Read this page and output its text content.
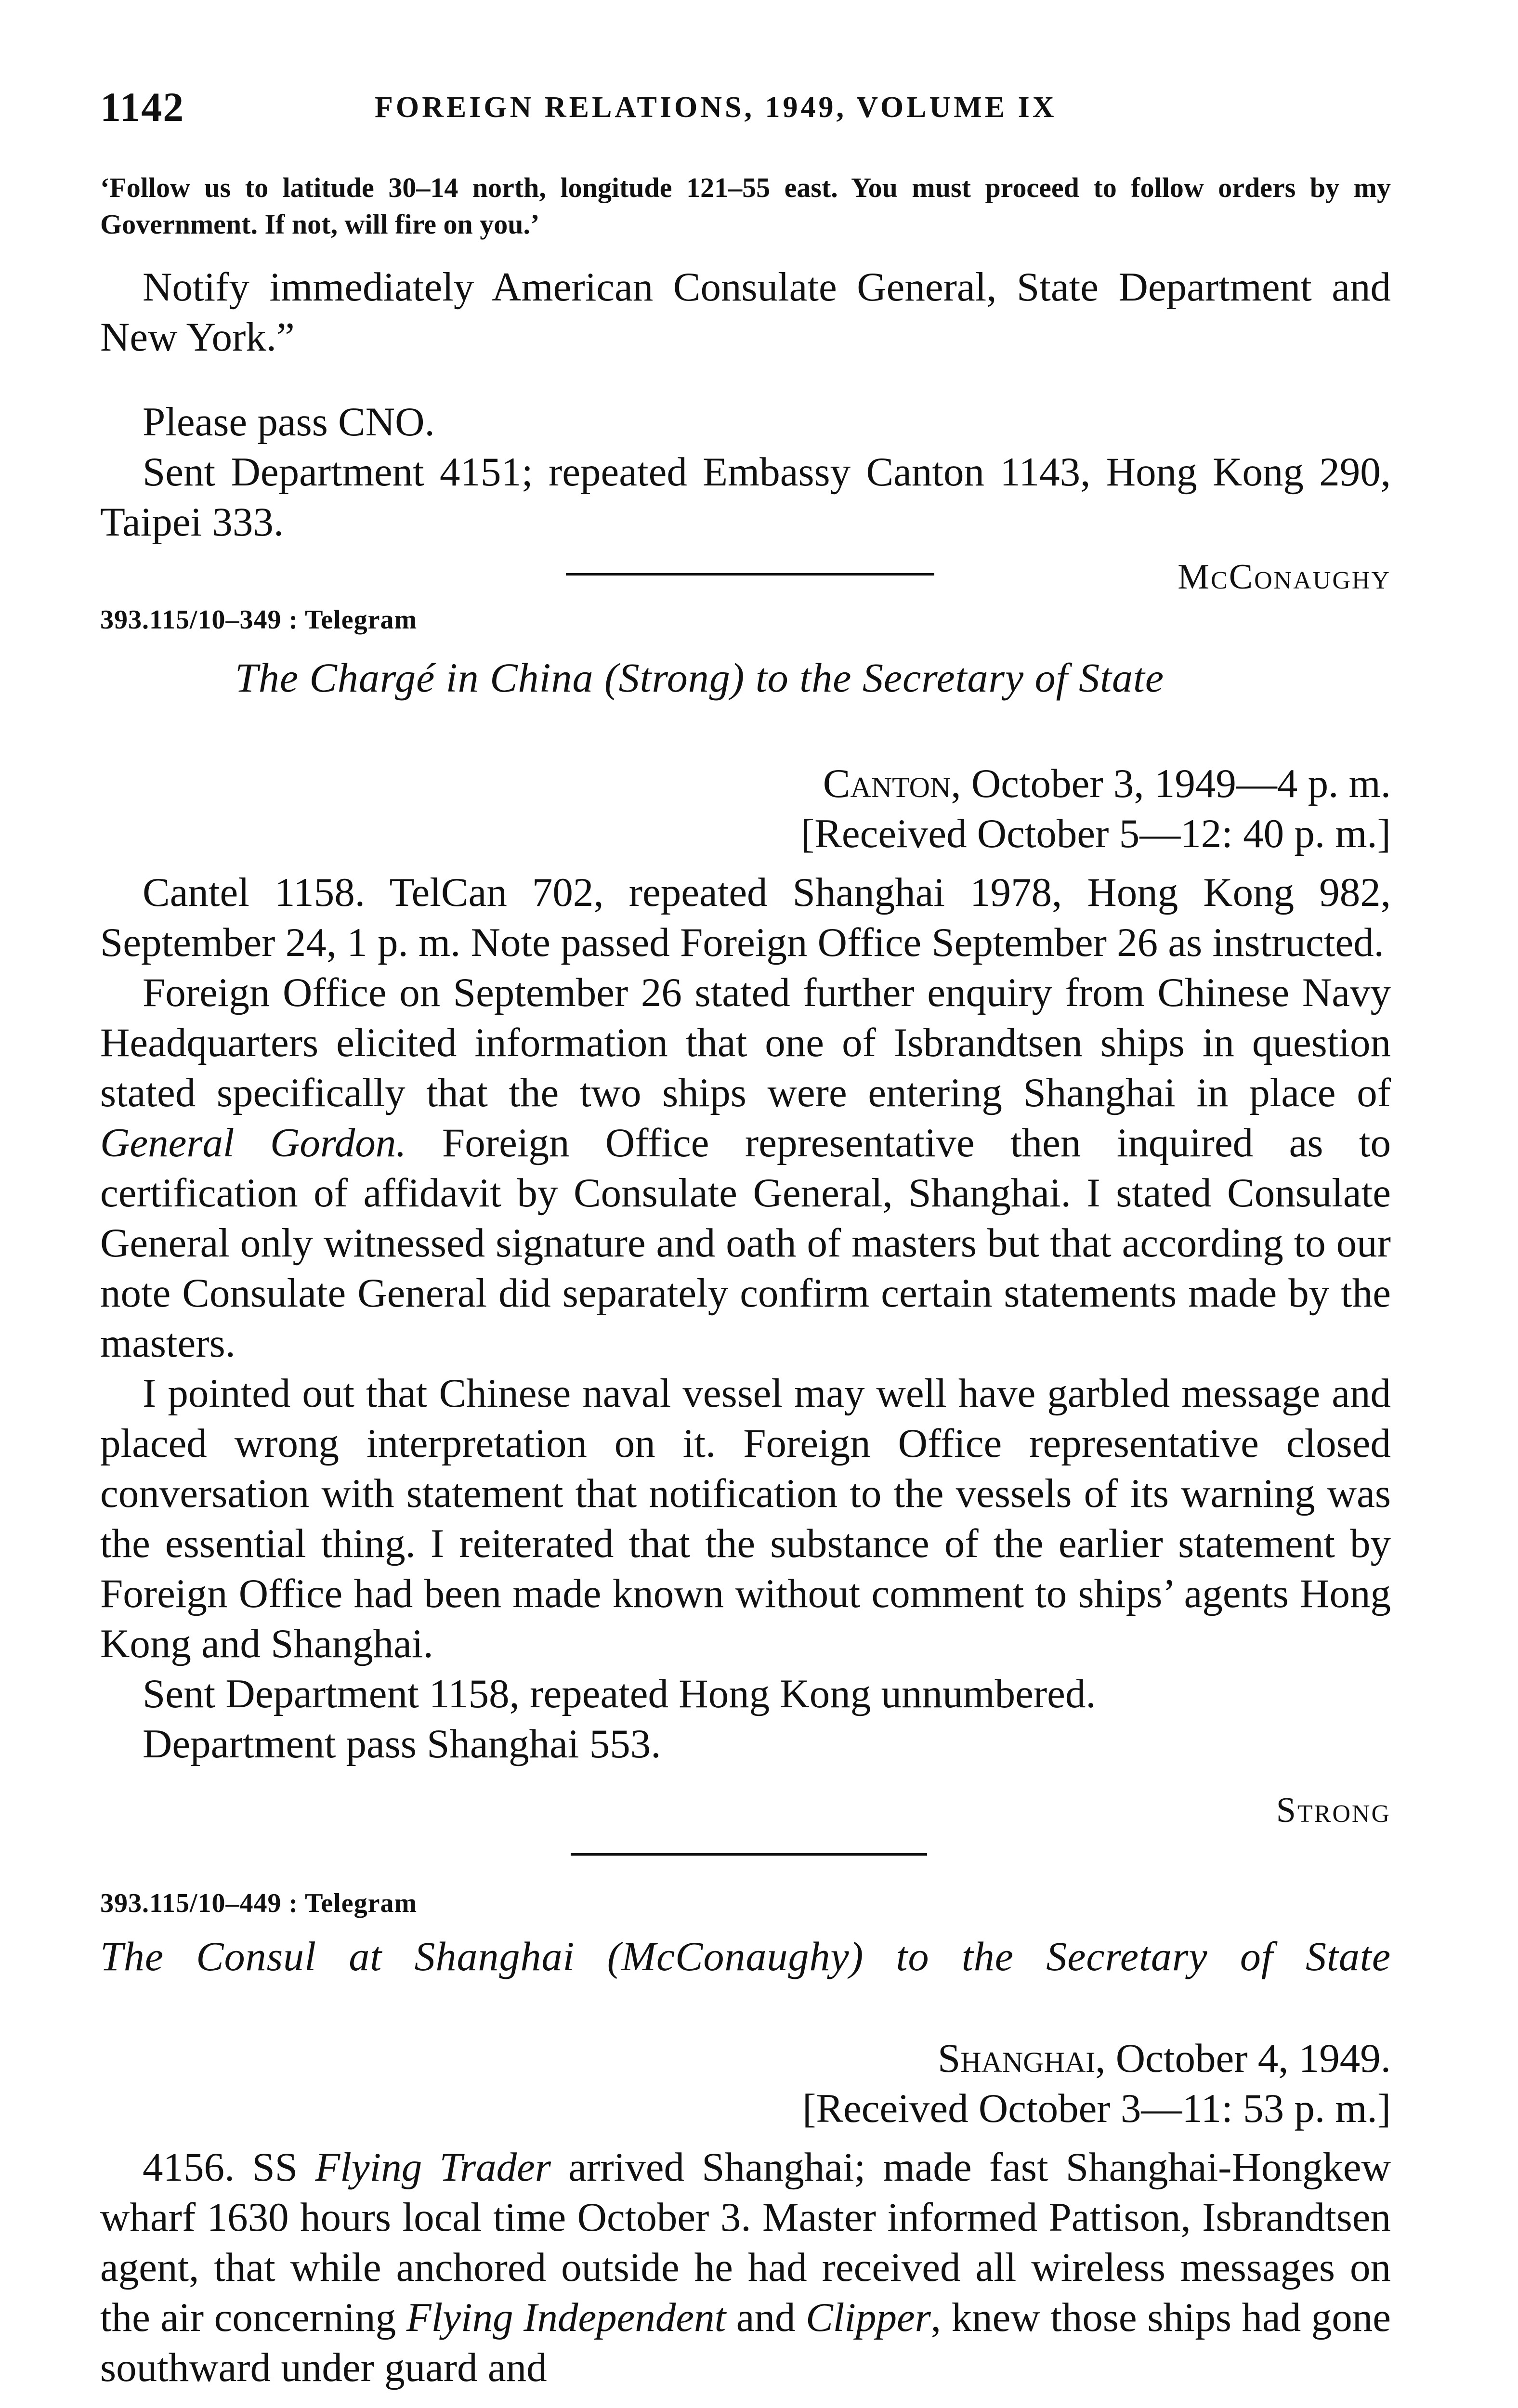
1142	FOREIGN RELATIONS, 1949, VOLUME IX
‘Follow us to latitude 30–14 north, longitude 121–55 east. You must proceed to follow orders by my Government. If not, will fire on you.’

Notify immediately American Consulate General, State Department and New York.”

Please pass CNO.

Sent Department 4151; repeated Embassy Canton 1143, Hong Kong 290, Taipei 333.

McConaughy
393.115/10–349 : Telegram
The Chargé in China (Strong) to the Secretary of State
Canton, October 3, 1949—4 p. m.
[Received October 5—12: 40 p. m.]

Cantel 1158. TelCan 702, repeated Shanghai 1978, Hong Kong 982, September 24, 1 p. m. Note passed Foreign Office September 26 as instructed.

Foreign Office on September 26 stated further enquiry from Chinese Navy Headquarters elicited information that one of Isbrandtsen ships in question stated specifically that the two ships were entering Shanghai in place of General Gordon. Foreign Office representative then inquired as to certification of affidavit by Consulate General, Shanghai. I stated Consulate General only witnessed signature and oath of masters but that according to our note Consulate General did separately confirm certain statements made by the masters.

I pointed out that Chinese naval vessel may well have garbled message and placed wrong interpretation on it. Foreign Office representative closed conversation with statement that notification to the vessels of its warning was the essential thing. I reiterated that the substance of the earlier statement by Foreign Office had been made known without comment to ships’ agents Hong Kong and Shanghai.

Sent Department 1158, repeated Hong Kong unnumbered.

Department pass Shanghai 553.

Strong
393.115/10–449 : Telegram
The Consul at Shanghai (McConaughy) to the Secretary of State
Shanghai, October 4, 1949.
[Received October 3—11: 53 p. m.]

4156. SS Flying Trader arrived Shanghai; made fast Shanghai-Hongkew wharf 1630 hours local time October 3. Master informed Pattison, Isbrandtsen agent, that while anchored outside he had received all wireless messages on the air concerning Flying Independent and Clipper, knew those ships had gone southward under guard and
